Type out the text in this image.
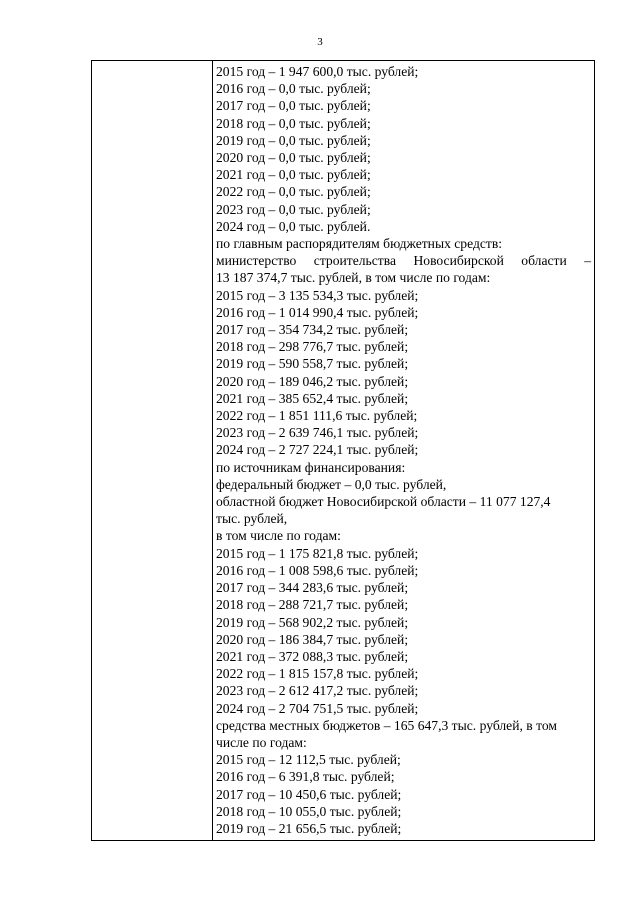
3
2015 год – 1 947 600,0 тыс. рублей;
2016 год – 0,0 тыс. рублей;
2017 год – 0,0 тыс. рублей;
2018 год – 0,0 тыс. рублей;
2019 год – 0,0 тыс. рублей;
2020 год – 0,0 тыс. рублей;
2021 год – 0,0 тыс. рублей;
2022 год – 0,0 тыс. рублей;
2023 год – 0,0 тыс. рублей;
2024 год – 0,0 тыс. рублей.
по главным распорядителям бюджетных средств:
министерство строительства Новосибирской области –
13 187 374,7 тыс. рублей, в том числе по годам:
2015 год – 3 135 534,3 тыс. рублей;
2016 год – 1 014 990,4 тыс. рублей;
2017 год – 354 734,2 тыс. рублей;
2018 год – 298 776,7 тыс. рублей;
2019 год – 590 558,7 тыс. рублей;
2020 год – 189 046,2 тыс. рублей;
2021 год – 385 652,4 тыс. рублей;
2022 год – 1 851 111,6 тыс. рублей;
2023 год – 2 639 746,1 тыс. рублей;
2024 год – 2 727 224,1 тыс. рублей;
по источникам финансирования:
федеральный бюджет – 0,0 тыс. рублей,
областной бюджет Новосибирской области – 11 077 127,4
тыс. рублей,
в том числе по годам:
2015 год – 1 175 821,8 тыс. рублей;
2016 год – 1 008 598,6 тыс. рублей;
2017 год – 344 283,6 тыс. рублей;
2018 год – 288 721,7 тыс. рублей;
2019 год – 568 902,2 тыс. рублей;
2020 год – 186 384,7 тыс. рублей;
2021 год – 372 088,3 тыс. рублей;
2022 год – 1 815 157,8 тыс. рублей;
2023 год – 2 612 417,2 тыс. рублей;
2024 год – 2 704 751,5 тыс. рублей;
средства местных бюджетов – 165 647,3 тыс. рублей, в том
числе по годам:
2015 год – 12 112,5 тыс. рублей;
2016 год – 6 391,8 тыс. рублей;
2017 год – 10 450,6 тыс. рублей;
2018 год – 10 055,0 тыс. рублей;
2019 год – 21 656,5 тыс. рублей;
